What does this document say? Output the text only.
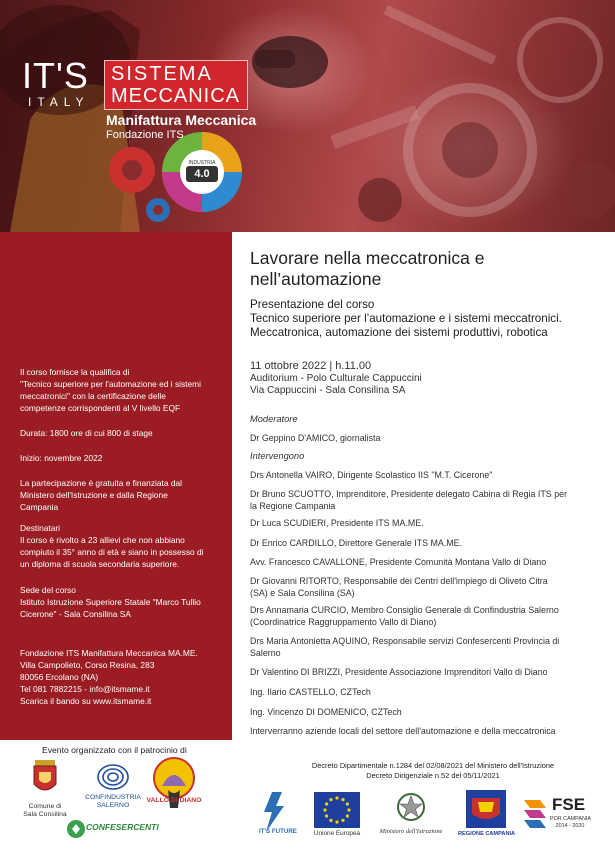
IT'S
ITALY
SISTEMA
MECCANICA
Manifattura Meccanica
Fondazione ITS
INDUSTRIA
4.0
Il corso fornisce la qualifica di
"Tecnico superiore per l'automazione ed i sistemi
meccatronici" con la certificazione delle
competenze corrispondenti al V livello EQF
Durata: 1800 ore di cui 800 di stage
Inizio: novembre 2022
La partecipazione è gratuita e finanziata dal
Ministero dell'Istruzione e dalla Regione
Campania
Destinatari
Il corso è rivolto a 23 allievi che non abbiano
compiuto il 35° anno di età e siano in possesso di
un diploma di scuola secondaria superiore.
Sede del corso
Istituto Istruzione Superiore Statale "Marco Tullio
Cicerone" - Sala Consilina SA
Fondazione ITS Manifattura Meccanica MA.ME.
Villa Campolieto, Corso Resina, 283
80056 Ercolano (NA)
Tel 081 7882215 - info@itsmame.it
Scarica il bando su www.itsmame.it
Lavorare nella meccatronica e
nell’automazione
Presentazione del corso
Tecnico superiore per l’automazione e i sistemi meccatronici.
Meccatronica, automazione dei sistemi produttivi, robotica
11 ottobre 2022 | h.11.00
Auditorium - Polo Culturale Cappuccini
Via Cappuccini - Sala Consilina SA
Moderatore
Dr Geppino D'AMICO, giornalista
Intervengono
Drs Antonella VAIRO, Dirigente Scolastico IIS "M.T. Cicerone"
Dr Bruno SCUOTTO, Imprenditore, Presidente delegato Cabina di Regia ITS per
la Regione Campania
Dr Luca SCUDIERI, Presidente ITS MA.ME.
Dr Enrico CARDILLO, Direttore Generale ITS MA.ME.
Avv. Francesco CAVALLONE, Presidente Comunità Montana Vallo di Diano
Dr Giovanni RITORTO, Responsabile dei Centri dell'impiego di Oliveto Citra
(SA) e Sala Consilina (SA)
Drs Annamaria CURCIO, Membro Consiglio Generale di Confindustria Salerno
(Coordinatrice Raggruppamento Vallo di Diano)
Drs Maria Antonietta AQUINO, Responsabile servizi Confesercenti Provincia di
Salerno
Dr Valentino DI BRIZZI, Presidente Associazione Imprenditori Vallo di Diano
Ing. Ilario CASTELLO, CZTech
Ing. Vincenzo DI DOMENICO, CZTech
Interverranno aziende locali del settore dell'automazione e della meccatronica
Evento organizzato con il patrocinio di
Comune di
Sala Consilina
CONFINDUSTRIA
SALERNO
VALLO DI DIANO
CONFESERCENTI
Decreto Dipartimentale n.1284 del 02/08/2021 del Ministero dell'Istruzione
Decreto Dirigenziale n.52 del 05/11/2021
IT'S FUTURE	Unione Europea	Ministero dell'Istruzione	REGIONE CAMPANIA
FSE
POR CAMPANIA
2014 - 2020
